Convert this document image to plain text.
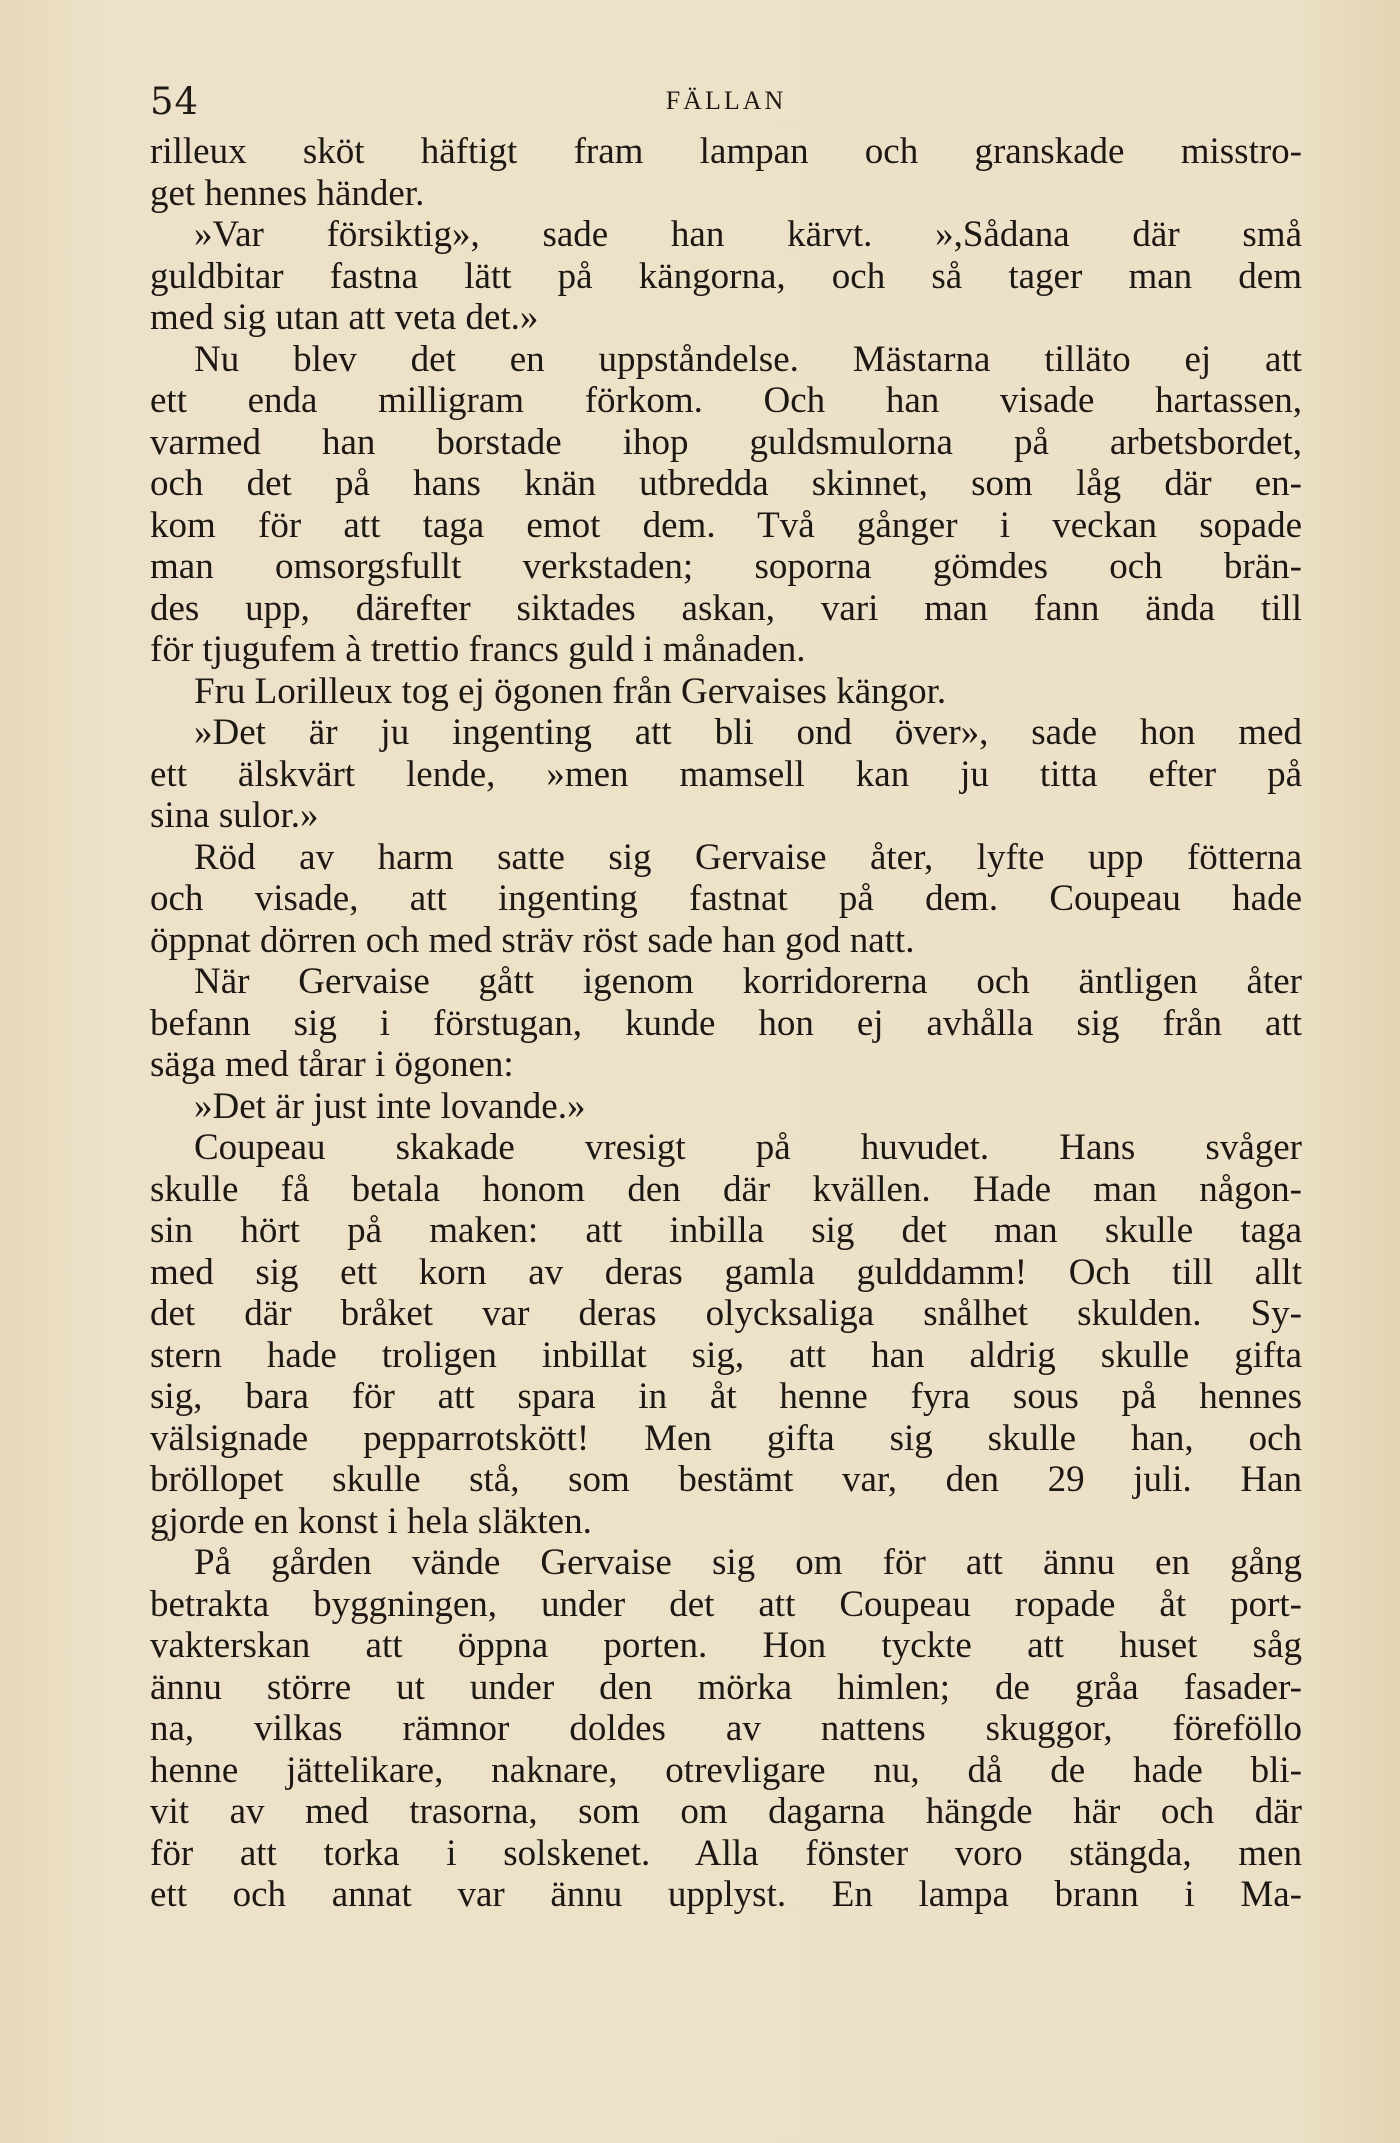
54	FÄLLAN
rilleux sköt häftigt fram lampan och granskade misstro-
get hennes händer.
»Var försiktig», sade han kärvt. »,Sådana där små
guldbitar fastna lätt på kängorna, och så tager man dem
med sig utan att veta det.»
Nu blev det en uppståndelse. Mästarna tilläto ej att
ett enda milligram förkom. Och han visade hartassen,
varmed han borstade ihop guldsmulorna på arbetsbordet,
och det på hans knän utbredda skinnet, som låg där en-
kom för att taga emot dem. Två gånger i veckan sopade
man omsorgsfullt verkstaden; soporna gömdes och brän-
des upp, därefter siktades askan, vari man fann ända till
för tjugufem à trettio francs guld i månaden.
Fru Lorilleux tog ej ögonen från Gervaises kängor.
»Det är ju ingenting att bli ond över», sade hon med
ett älskvärt lende, »men mamsell kan ju titta efter på
sina sulor.»
Röd av harm satte sig Gervaise åter, lyfte upp fötterna
och visade, att ingenting fastnat på dem. Coupeau hade
öppnat dörren och med sträv röst sade han god natt.
När Gervaise gått igenom korridorerna och äntligen åter
befann sig i förstugan, kunde hon ej avhålla sig från att
säga med tårar i ögonen:
»Det är just inte lovande.»
Coupeau skakade vresigt på huvudet. Hans svåger
skulle få betala honom den där kvällen. Hade man någon-
sin hört på maken: att inbilla sig det man skulle taga
med sig ett korn av deras gamla gulddamm! Och till allt
det där bråket var deras olycksaliga snålhet skulden. Sy-
stern hade troligen inbillat sig, att han aldrig skulle gifta
sig, bara för att spara in åt henne fyra sous på hennes
välsignade pepparrotskött! Men gifta sig skulle han, och
bröllopet skulle stå, som bestämt var, den 29 juli. Han
gjorde en konst i hela släkten.
På gården vände Gervaise sig om för att ännu en gång
betrakta byggningen, under det att Coupeau ropade åt port-
vakterskan att öppna porten. Hon tyckte att huset såg
ännu större ut under den mörka himlen; de gråa fasader-
na, vilkas rämnor doldes av nattens skuggor, föreföllo
henne jättelikare, naknare, otrevligare nu, då de hade bli-
vit av med trasorna, som om dagarna hängde här och där
för att torka i solskenet. Alla fönster voro stängda, men
ett och annat var ännu upplyst. En lampa brann i Ma-
